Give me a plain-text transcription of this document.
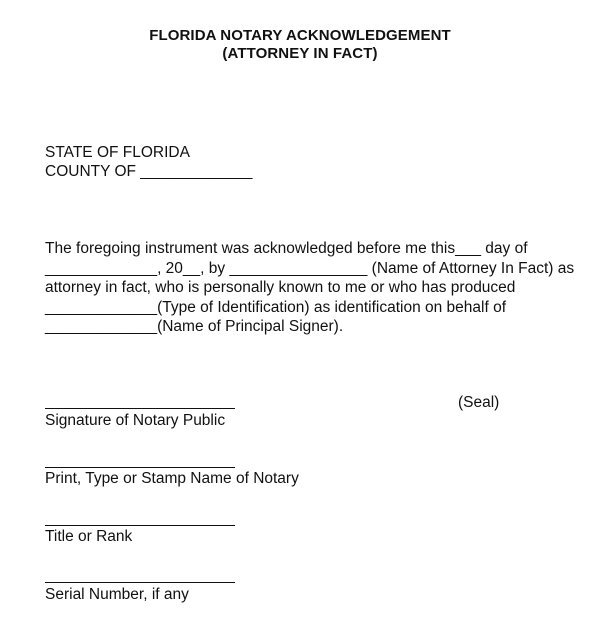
FLORIDA NOTARY ACKNOWLEDGEMENT
(ATTORNEY IN FACT)
STATE OF FLORIDA
COUNTY OF _____________
The foregoing instrument was acknowledged before me this___ day of
_____________, 20__, by ________________ (Name of Attorney In Fact) as
attorney in fact, who is personally known to me or who has produced
_____________(Type of Identification) as identification on behalf of
_____________(Name of Principal Signer).
(Seal)
Signature of Notary Public
Print, Type or Stamp Name of Notary
Title or Rank
Serial Number, if any
